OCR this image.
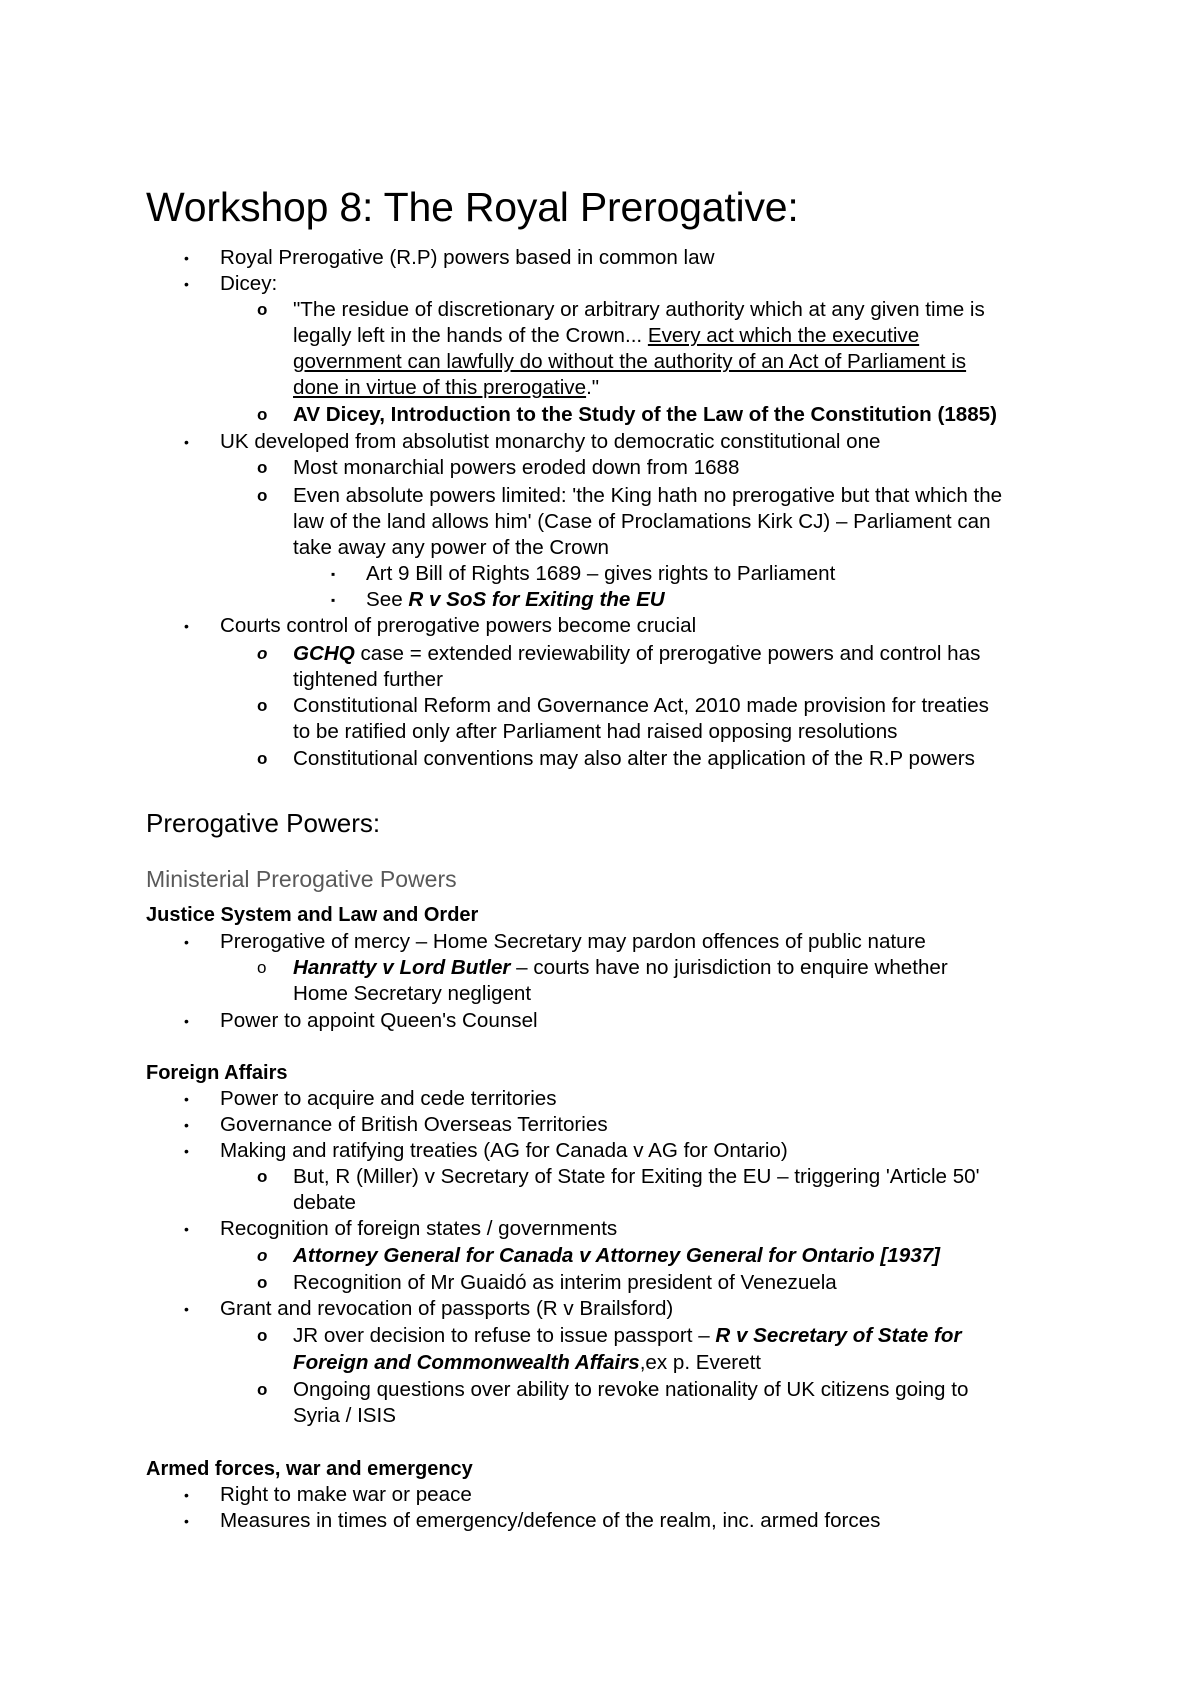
Workshop 8: The Royal Prerogative:
• Royal Prerogative (R.P) powers based in common law
• Dicey:
o "The residue of discretionary or arbitrary authority which at any given time is
legally left in the hands of the Crown... Every act which the executive
government can lawfully do without the authority of an Act of Parliament is
done in virtue of this prerogative."
o AV Dicey, Introduction to the Study of the Law of the Constitution (1885)
• UK developed from absolutist monarchy to democratic constitutional one
o Most monarchial powers eroded down from 1688
o Even absolute powers limited: 'the King hath no prerogative but that which the
law of the land allows him' (Case of Proclamations Kirk CJ) – Parliament can
take away any power of the Crown
▪ Art 9 Bill of Rights 1689 – gives rights to Parliament
▪ See R v SoS for Exiting the EU
• Courts control of prerogative powers become crucial
o GCHQ case = extended reviewability of prerogative powers and control has
tightened further
o Constitutional Reform and Governance Act, 2010 made provision for treaties
to be ratified only after Parliament had raised opposing resolutions
o Constitutional conventions may also alter the application of the R.P powers
Prerogative Powers:
Ministerial Prerogative Powers
Justice System and Law and Order
• Prerogative of mercy – Home Secretary may pardon offences of public nature
o Hanratty v Lord Butler – courts have no jurisdiction to enquire whether
Home Secretary negligent
• Power to appoint Queen's Counsel
Foreign Affairs
• Power to acquire and cede territories
• Governance of British Overseas Territories
• Making and ratifying treaties (AG for Canada v AG for Ontario)
o But, R (Miller) v Secretary of State for Exiting the EU – triggering 'Article 50'
debate
• Recognition of foreign states / governments
o Attorney General for Canada v Attorney General for Ontario [1937]
o Recognition of Mr Guaidó as interim president of Venezuela
• Grant and revocation of passports (R v Brailsford)
o JR over decision to refuse to issue passport – R v Secretary of State for
Foreign and Commonwealth Affairs,ex p. Everett
o Ongoing questions over ability to revoke nationality of UK citizens going to
Syria / ISIS
Armed forces, war and emergency
• Right to make war or peace
• Measures in times of emergency/defence of the realm, inc. armed forces
